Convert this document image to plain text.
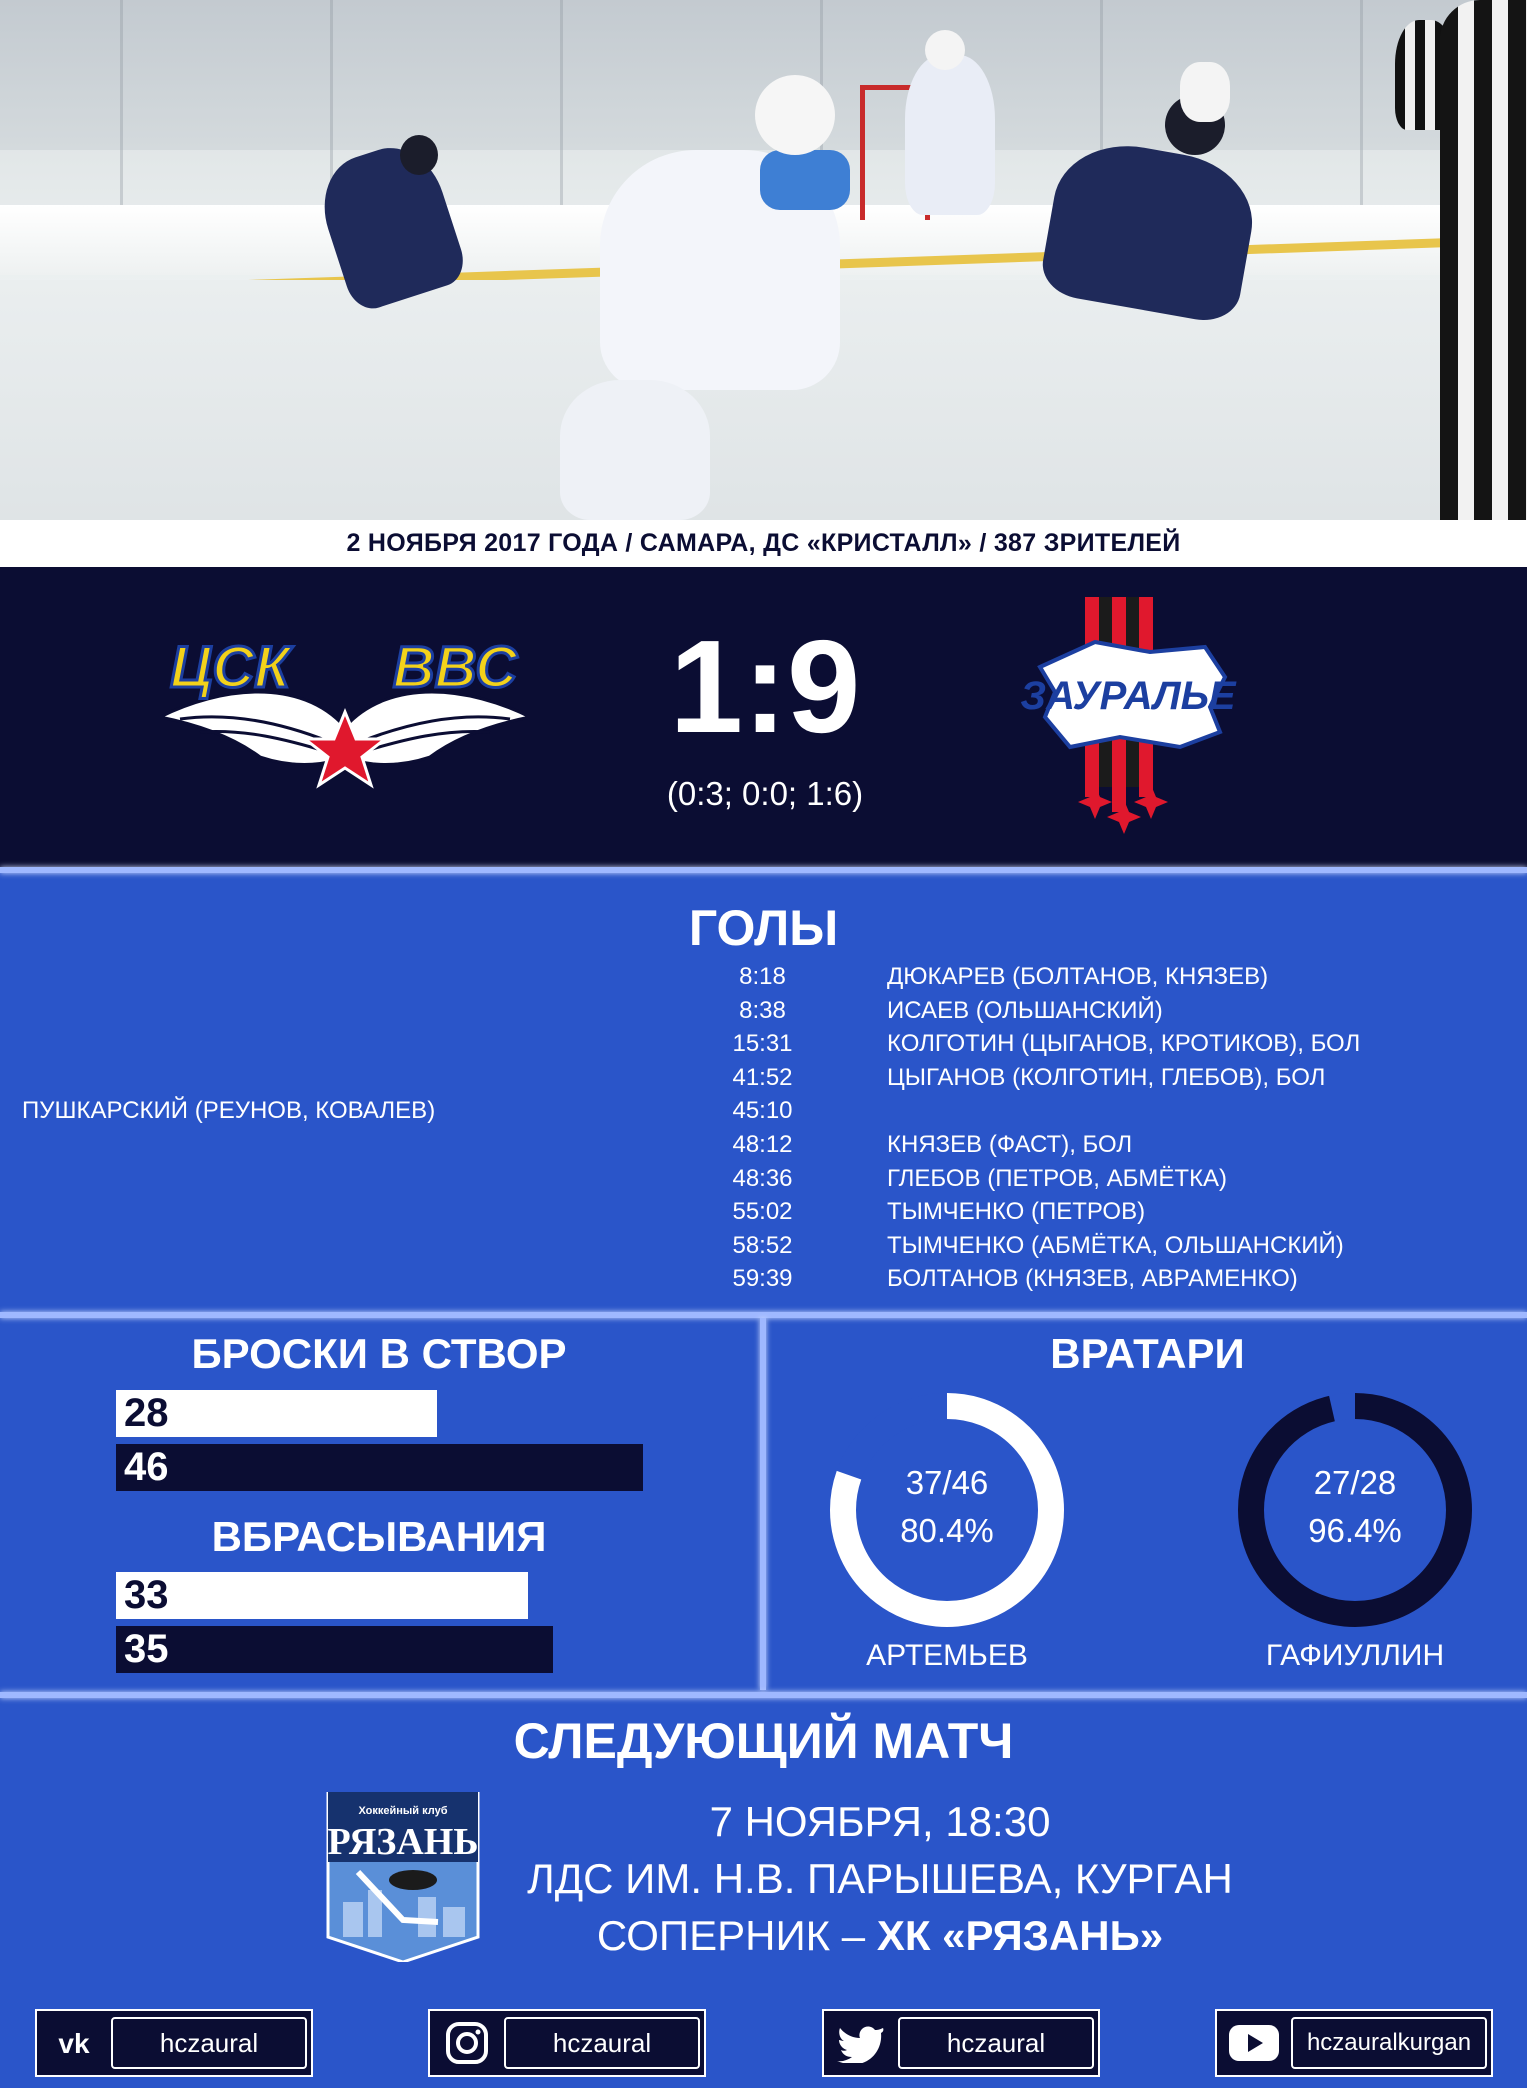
2 НОЯБРЯ 2017 ГОДА / САМАРА, ДС «КРИСТАЛЛ» / 387 ЗРИТЕЛЕЙ
ЦСК ВВС	1:9
(0:3; 0:0; 1:6)
ЗАУРАЛЬЕ
ГОЛЫ
8:18	ДЮКАРЕВ (БОЛТАНОВ, КНЯЗЕВ)
8:38	ИСАЕВ (ОЛЬШАНСКИЙ)
15:31	КОЛГОТИН (ЦЫГАНОВ, КРОТИКОВ), БОЛ
41:52	ЦЫГАНОВ (КОЛГОТИН, ГЛЕБОВ), БОЛ
ПУШКАРСКИЙ (РЕУНОВ, КОВАЛЕВ)	45:10
48:12	КНЯЗЕВ (ФАСТ), БОЛ
48:36	ГЛЕБОВ (ПЕТРОВ, АБМЁТКА)
55:02	ТЫМЧЕНКО (ПЕТРОВ)
58:52	ТЫМЧЕНКО (АБМЁТКА, ОЛЬШАНСКИЙ)
59:39	БОЛТАНОВ (КНЯЗЕВ, АВРАМЕНКО)
БРОСКИ В СТВОР
28
46
ВБРАСЫВАНИЯ
33
35
ВРАТАРИ
37/46
80.4%
АРТЕМЬЕВ
27/28
96.4%
ГАФИУЛЛИН
СЛЕДУЮЩИЙ МАТЧ
Хоккейный клуб
РЯЗАНЬ	7 НОЯБРЯ, 18:30
ЛДС ИМ. Н.В. ПАРЫШЕВА, КУРГАН
СОПЕРНИК – ХК «РЯЗАНЬ»
vk	hczaural	hczaural	hczaural	hczauralkurgan
